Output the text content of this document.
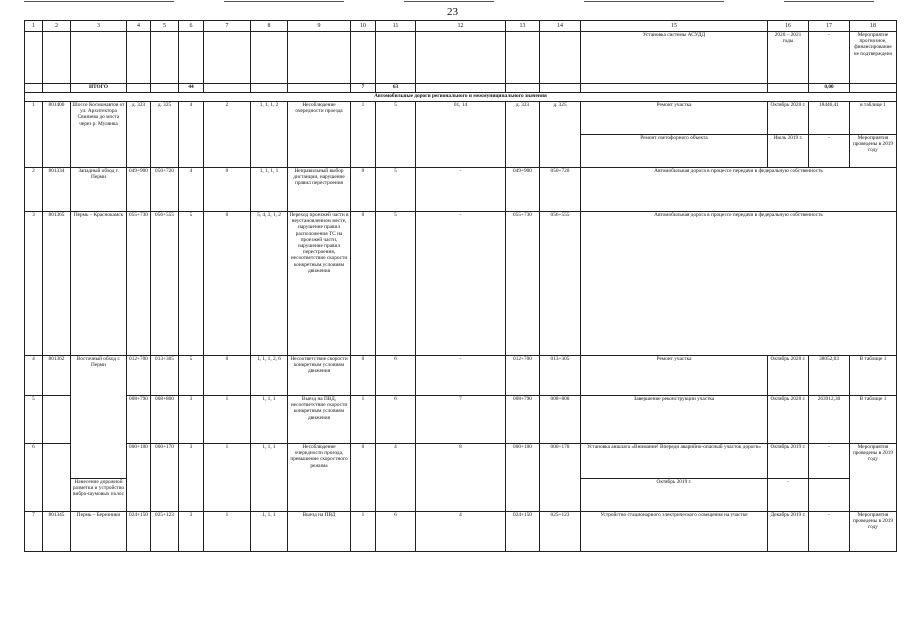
23
1	2	3	4	5	6	7	8	9	10	11	12	13	14	15	16	17	18
														Установка системы АСУДД	2020 – 2021 годы	-	Мероприятие прогнозное, финансирование не подтверждено
		ИТОГО			44				7	63						0,00	
Автомобильные дороги регионального и межмуниципального значения																	
1	801400	Шоссе Космонавтов от ул. Архитектора Свиязева до моста через р. Мулянка	д. 323	д. 325	4	2	1, 1, 1, 2	Несоблюдение очередности проезда	1	5	01, 14	д. 323	д. 325	Ремонт участка	Октябрь 2020 г.	18446,41	в таблице 1
														Ремонт светофорного объекта	Июль 2019 г.	-	Мероприятия проведены в 2019 году
2	801334	Западный обход г. Перми	049+900	050+720	4	0	1, 1, 1, 1	Неправильный выбор дистанции, нарушение правил перестроения	0	5	-	049+900	050+720	Автомобильная дорога в процессе передачи в федеральную собственность			
3	801365	Пермь – Краснокамск	055+730	056+555	5	0	5, 4, 3, 1, 2	Переход проезжей части в неустановленном месте, нарушение правил расположения ТС на проезжей части, нарушение правил перестроения, несоответствие скорости конкретным условиям движения	0	5	-	055+730	056+555	Автомобильная дорога в процессе передачи в федеральную собственность			
4	801362	Восточный обход г. Перми	012+700	013+305	5	0	1, 1, 1, 2, 6	Несоответствие скорости конкретным условиям движения	0	6	-	012+700	013+305	Ремонт участка	Октябрь 2020 г.	38052,03	В таблице 1
5			008+790	008+800	3	1	1, 1, 1	Выезд на ПВД, несоответствие скорости конкретным условиям движения	1	6	7	008+790	008+800	Завершение реконструкции участка	Октябрь 2020 г.	263912,30	В таблице 1
6			000+100	000+170	3	1	1, 1, 1	Несоблюдение очередности проезда, превышение скоростного режима	0	4	8	000+100	000+170	Установка аншлага «Внимание! Впереди аварийно-опасный участок дороги»	Октябрь 2019 г.	-	Мероприятия проведены в 2019 году
		Нанесение дорожной разметки и устройство вибро-шумовых полос												Октябрь 2019 г.	-		
7	801345	Пермь – Березники	024+150	025+123	3	1	1, 1, 1	Выезд на ПВД	1	6	4	024+150	025+123	Устройство стационарного электрического освещения на участке	Декабрь 2019 г.	-	Мероприятия проведены в 2019 году
